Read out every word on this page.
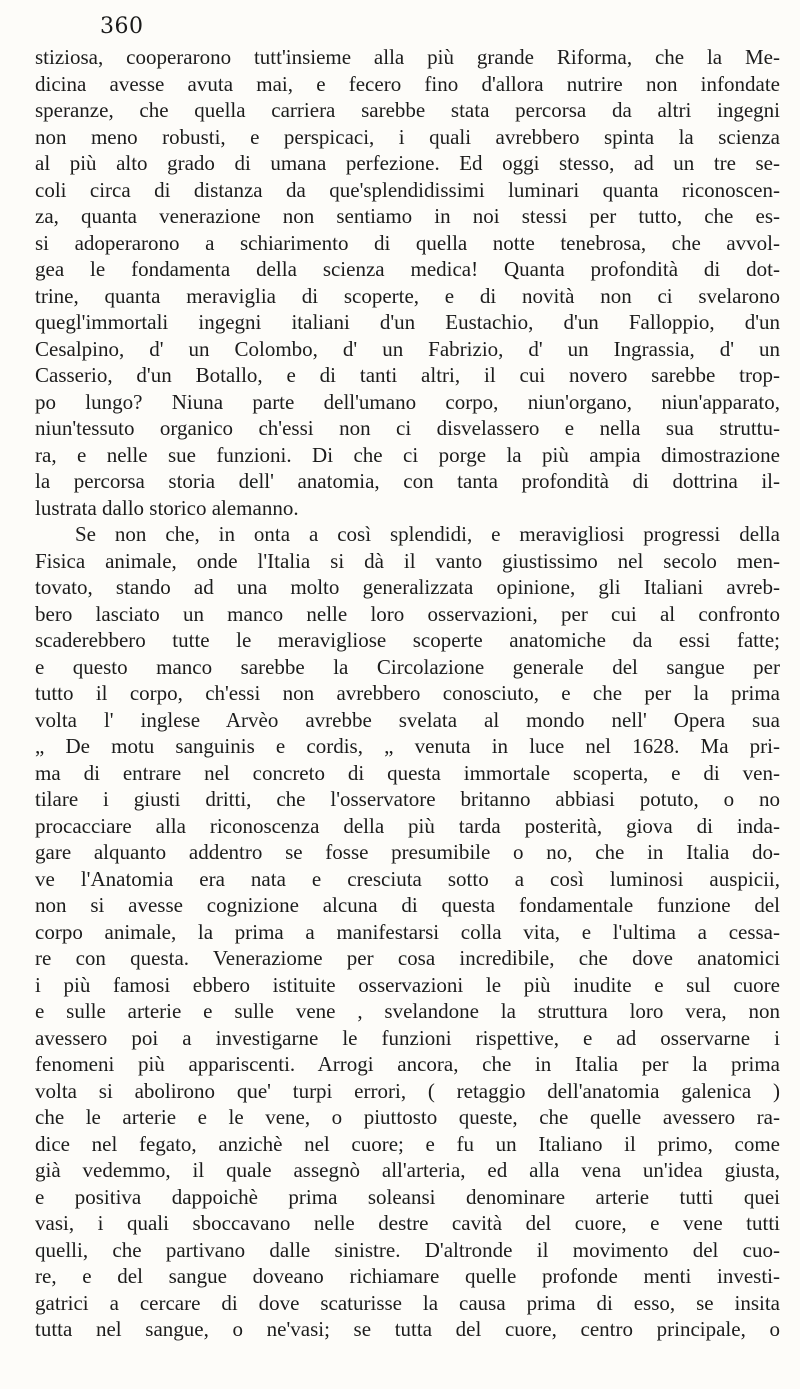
360

stiziosa, cooperarono tutt'insieme alla più grande Riforma, che la Me-
dicina avesse avuta mai, e fecero fino d'allora nutrire non infondate
speranze, che quella carriera sarebbe stata percorsa da altri ingegni
non meno robusti, e perspicaci, i quali avrebbero spinta la scienza
al più alto grado di umana perfezione. Ed oggi stesso, ad un tre se-
coli circa di distanza da que'splendidissimi luminari quanta riconoscen-
za, quanta venerazione non sentiamo in noi stessi per tutto, che es-
si adoperarono a schiarimento di quella notte tenebrosa, che avvol-
gea le fondamenta della scienza medica! Quanta profondità di dot-
trine, quanta meraviglia di scoperte, e di novità non ci svelarono
quegl'immortali ingegni italiani d'un Eustachio, d'un Falloppio, d'un
Cesalpino, d' un Colombo, d' un Fabrizio, d' un Ingrassia, d' un
Casserio, d'un Botallo, e di tanti altri, il cui novero sarebbe trop-
po lungo? Niuna parte dell'umano corpo, niun'organo, niun'apparato,
niun'tessuto organico ch'essi non ci disvelassero e nella sua struttu-
ra, e nelle sue funzioni. Di che ci porge la più ampia dimostrazione
la percorsa storia dell' anatomia, con tanta profondità di dottrina il-
lustrata dallo storico alemanno.

Se non che, in onta a così splendidi, e meravigliosi progressi della
Fisica animale, onde l'Italia si dà il vanto giustissimo nel secolo men-
tovato, stando ad una molto generalizzata opinione, gli Italiani avreb-
bero lasciato un manco nelle loro osservazioni, per cui al confronto
scaderebbero tutte le meravigliose scoperte anatomiche da essi fatte;
e questo manco sarebbe la Circolazione generale del sangue per
tutto il corpo, ch'essi non avrebbero conosciuto, e che per la prima
volta l' inglese Arvèo avrebbe svelata al mondo nell' Opera sua
„ De motu sanguinis e cordis, „ venuta in luce nel 1628. Ma pri-
ma di entrare nel concreto di questa immortale scoperta, e di ven-
tilare i giusti dritti, che l'osservatore britanno abbiasi potuto, o no
procacciare alla riconoscenza della più tarda posterità, giova di inda-
gare alquanto addentro se fosse presumibile o no, che in Italia do-
ve l'Anatomia era nata e cresciuta sotto a così luminosi auspicii,
non si avesse cognizione alcuna di questa fondamentale funzione del
corpo animale, la prima a manifestarsi colla vita, e l'ultima a cessa-
re con questa. Veneraziome per cosa incredibile, che dove anatomici
i più famosi ebbero istituite osservazioni le più inudite e sul cuore
e sulle arterie e sulle vene , svelandone la struttura loro vera, non
avessero poi a investigarne le funzioni rispettive, e ad osservarne i
fenomeni più appariscenti. Arrogi ancora, che in Italia per la prima
volta si abolirono que' turpi errori, ( retaggio dell'anatomia galenica )
che le arterie e le vene, o piuttosto queste, che quelle avessero ra-
dice nel fegato, anzichè nel cuore; e fu un Italiano il primo, come
già vedemmo, il quale assegnò all'arteria, ed alla vena un'idea giusta,
e positiva dappoichè prima soleansi denominare arterie tutti quei
vasi, i quali sboccavano nelle destre cavità del cuore, e vene tutti
quelli, che partivano dalle sinistre. D'altronde il movimento del cuo-
re, e del sangue doveano richiamare quelle profonde menti investi-
gatrici a cercare di dove scaturisse la causa prima di esso, se insita
tutta nel sangue, o ne'vasi; se tutta del cuore, centro principale, o
